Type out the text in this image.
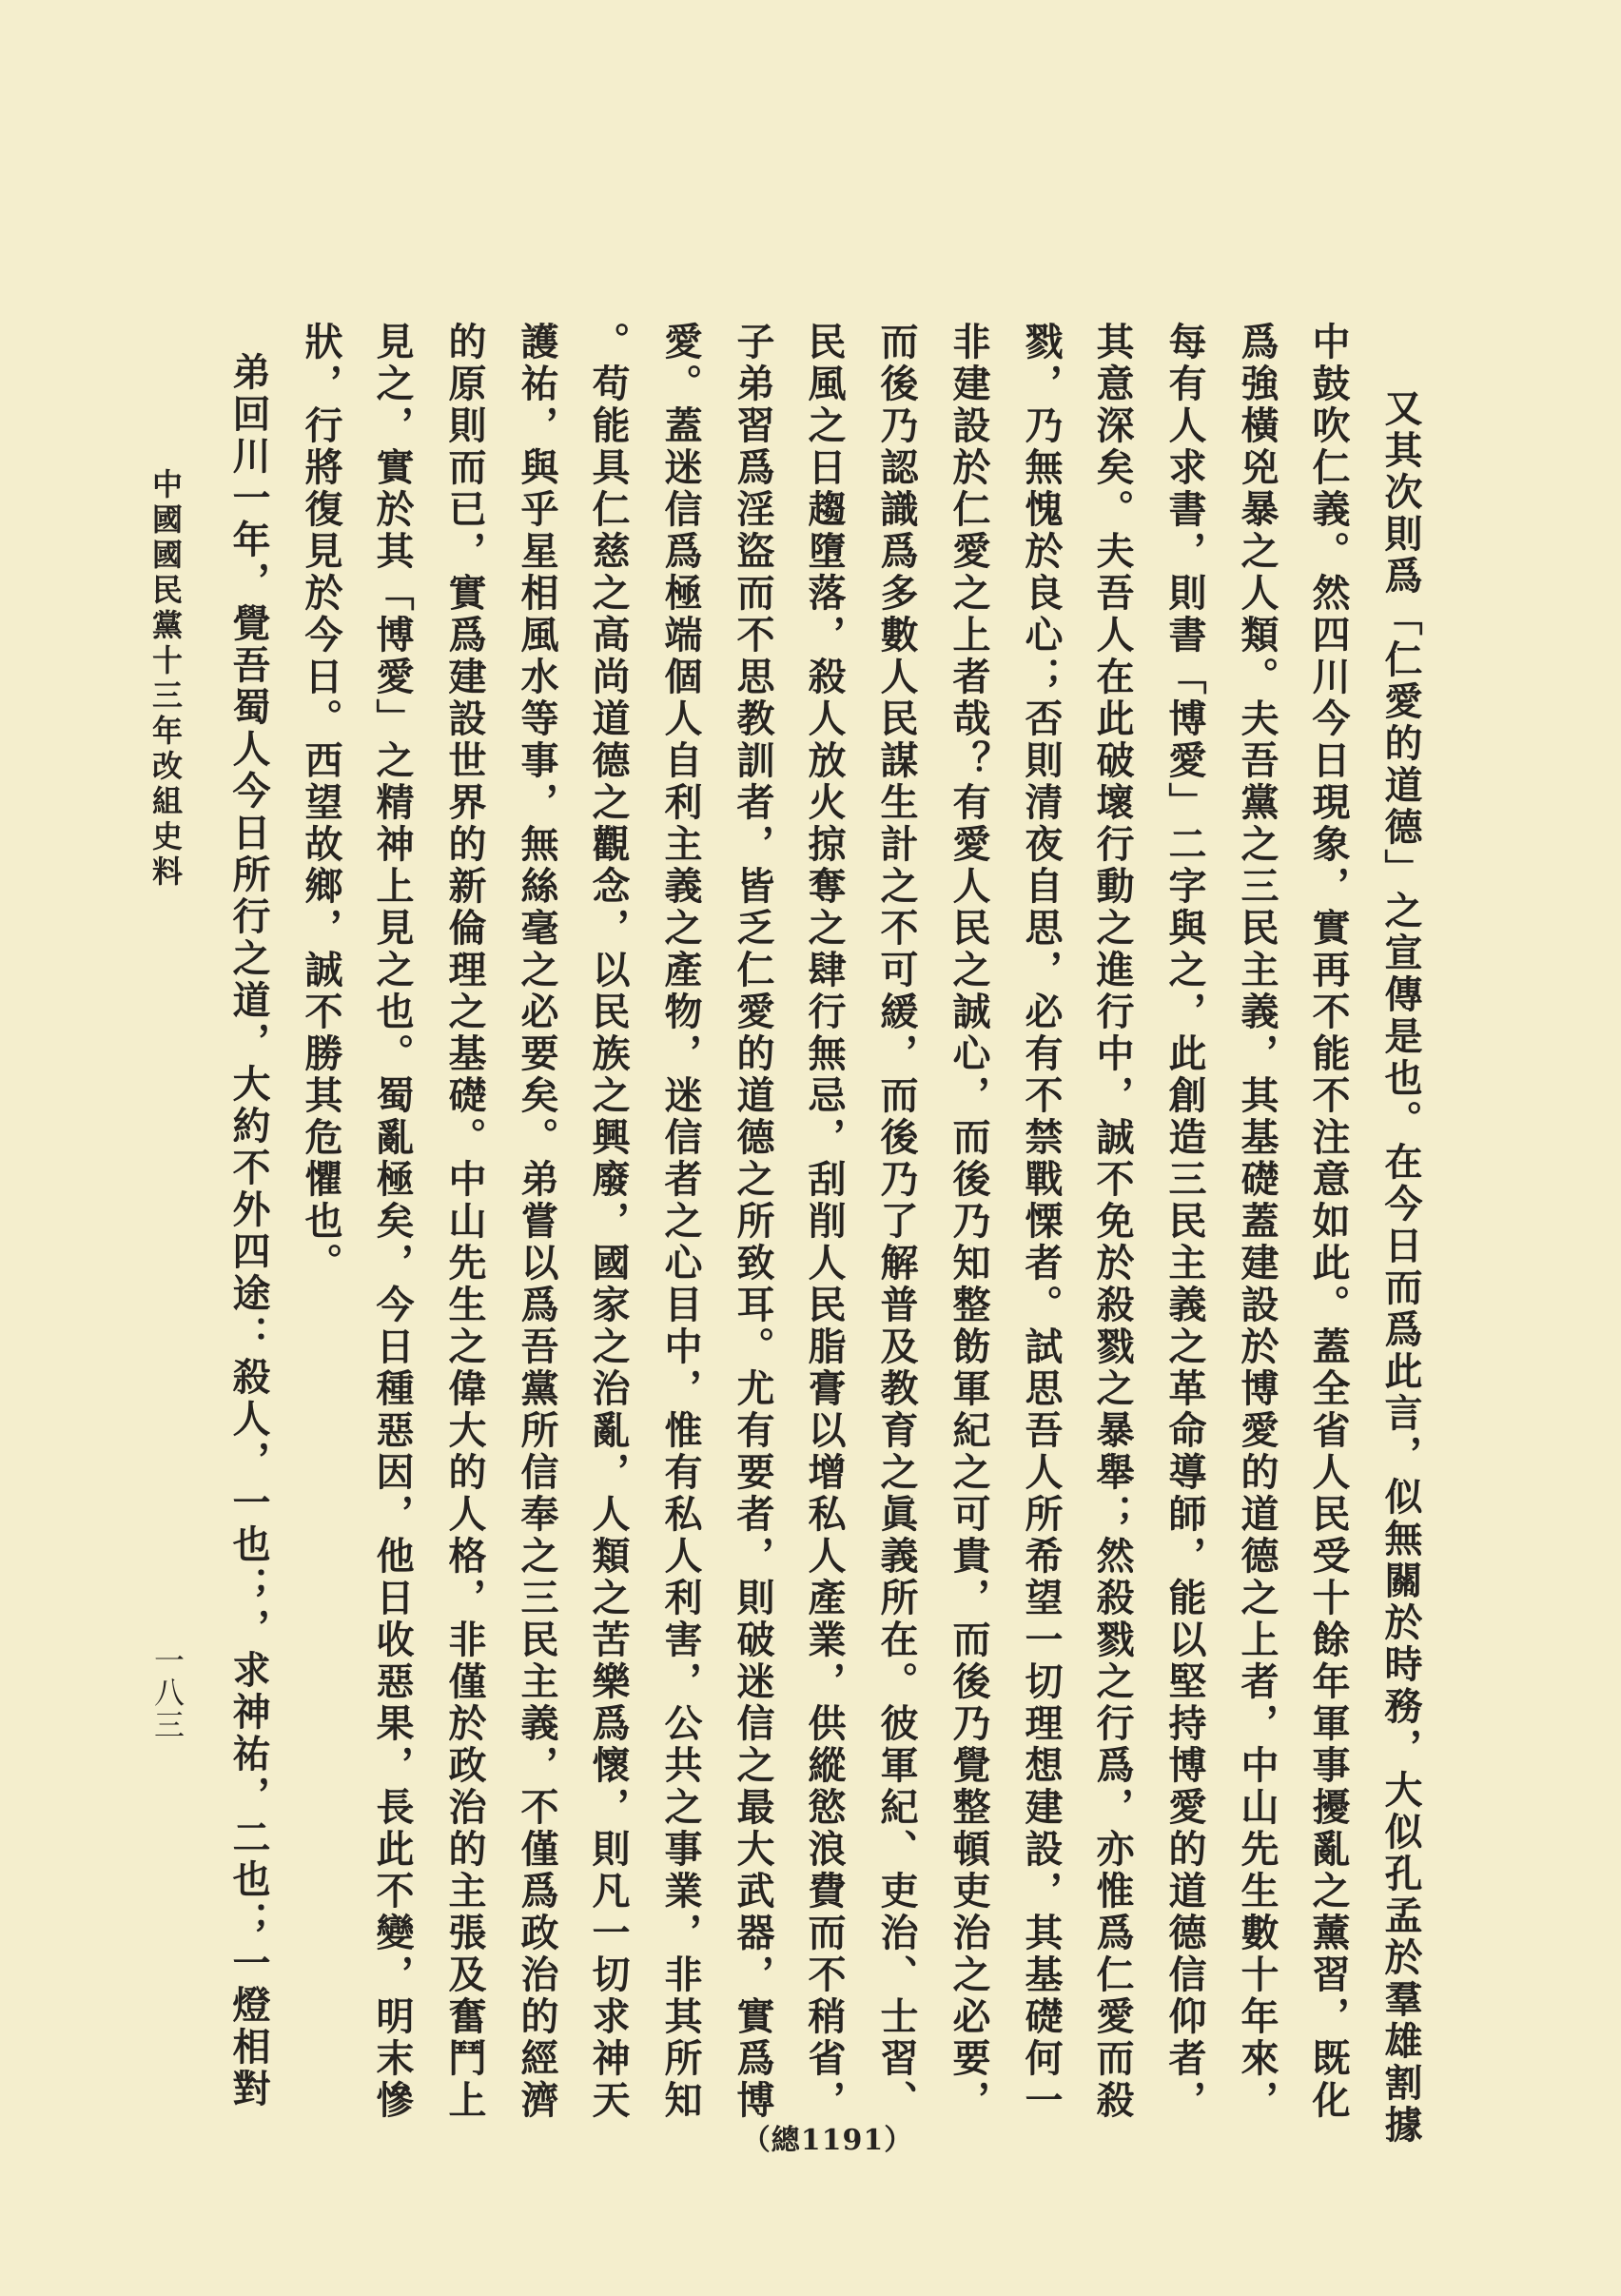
又其次則爲「仁愛的道德」之宣傳是也。在今日而爲此言，似無關於時務，大似孔孟於羣雄割據
中鼓吹仁義。然四川今日現象，實再不能不注意如此。蓋全省人民受十餘年軍事擾亂之薰習，既化
爲強橫兇暴之人類。夫吾黨之三民主義，其基礎蓋建設於博愛的道德之上者，中山先生數十年來，
每有人求書，則書「博愛」二字與之，此創造三民主義之革命導師，能以堅持博愛的道德信仰者，
其意深矣。夫吾人在此破壞行動之進行中，誠不免於殺戮之暴舉；然殺戮之行爲，亦惟爲仁愛而殺
戮，乃無愧於良心；否則清夜自思，必有不禁戰慄者。試思吾人所希望一切理想建設，其基礎何一
非建設於仁愛之上者哉？有愛人民之誠心，而後乃知整飭軍紀之可貴，而後乃覺整頓吏治之必要，
而後乃認識爲多數人民謀生計之不可緩，而後乃了解普及教育之眞義所在。彼軍紀、吏治、士習、
民風之日趨墮落，殺人放火掠奪之肆行無忌，刮削人民脂膏以增私人產業，供縱慾浪費而不稍省，
子弟習爲淫盜而不思教訓者，皆乏仁愛的道德之所致耳。尤有要者，則破迷信之最大武器，實爲博
愛。蓋迷信爲極端個人自利主義之產物，迷信者之心目中，惟有私人利害，公共之事業，非其所知
。苟能具仁慈之高尚道德之觀念，以民族之興廢，國家之治亂，人類之苦樂爲懷，則凡一切求神天
護祐，與乎星相風水等事，無絲毫之必要矣。弟嘗以爲吾黨所信奉之三民主義，不僅爲政治的經濟
的原則而已，實爲建設世界的新倫理之基礎。中山先生之偉大的人格，非僅於政治的主張及奮鬥上
見之，實於其「博愛」之精神上見之也。蜀亂極矣，今日種惡因，他日收惡果，長此不變，明末慘
狀，行將復見於今日。西望故鄉，誠不勝其危懼也。
弟回川一年，覺吾蜀人今日所行之道，大約不外四途：殺人，一也；，求神祐，二也；一燈相對
中國國民黨十三年改組史料
一八三
（總1191）
